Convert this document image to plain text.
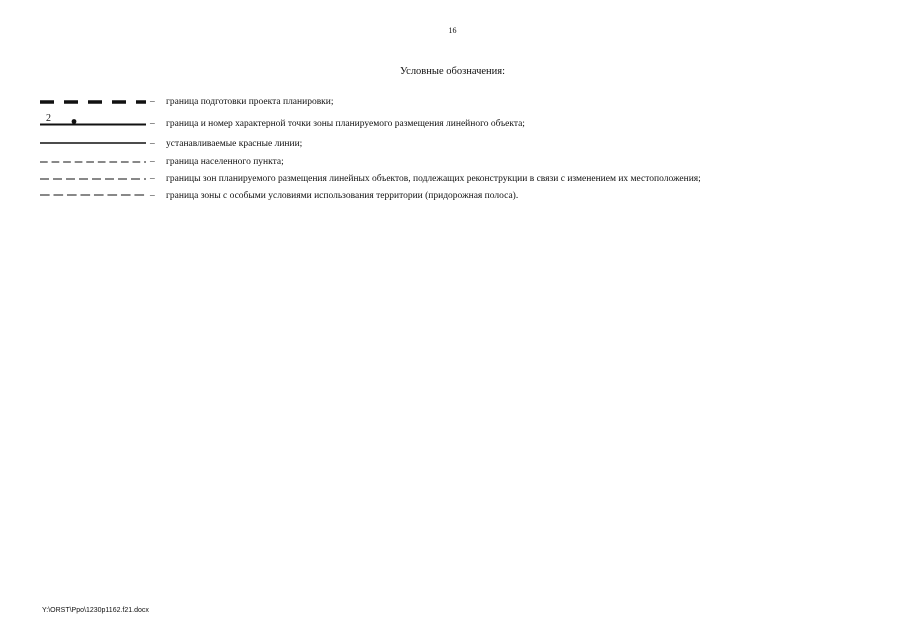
16
Условные обозначения:
– граница подготовки проекта планировки;
2	– граница и номер характерной точки зоны планируемого размещения линейного объекта;
– устанавливаемые красные линии;
– граница населенного пункта;
– границы зон планируемого размещения линейных объектов, подлежащих реконструкции в связи с изменением их местоположения;
– граница зоны с особыми условиями использования территории (придорожная полоса).
Y:\ORST\Ppo\1230p1162.f21.docx
